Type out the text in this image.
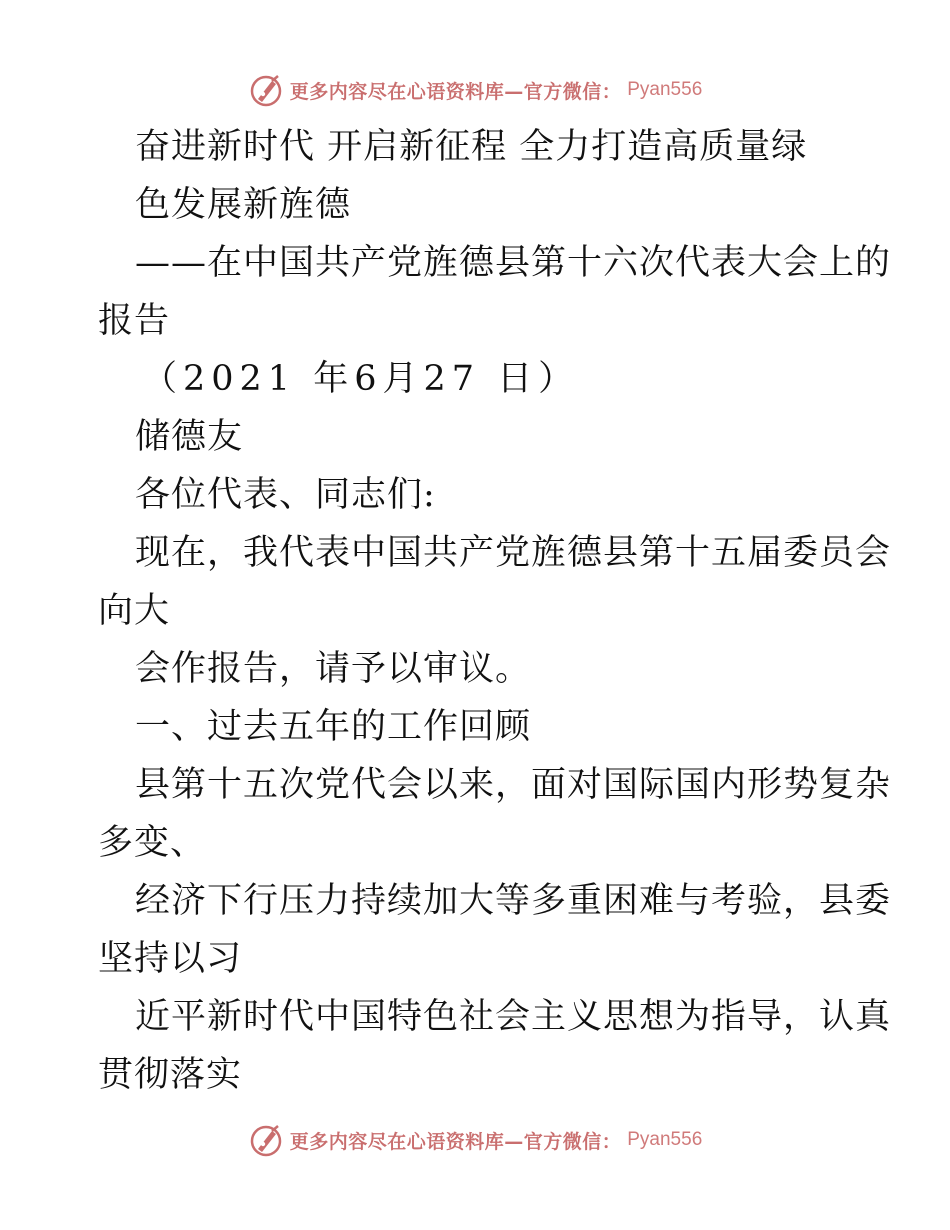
更多内容尽在心语资料库—官方微信： Pyan556
奋进新时代 开启新征程 全力打造高质量绿
色发展新旌德
——在中国共产党旌德县第十六次代表大会上的
报告
（2021 年6月27 日）
储德友
各位代表、同志们:
现在，我代表中国共产党旌德县第十五届委员会
向大
会作报告，请予以审议。
一、过去五年的工作回顾
县第十五次党代会以来，面对国际国内形势复杂
多变、
经济下行压力持续加大等多重困难与考验，县委
坚持以习
近平新时代中国特色社会主义思想为指导，认真
贯彻落实
更多内容尽在心语资料库—官方微信： Pyan556
